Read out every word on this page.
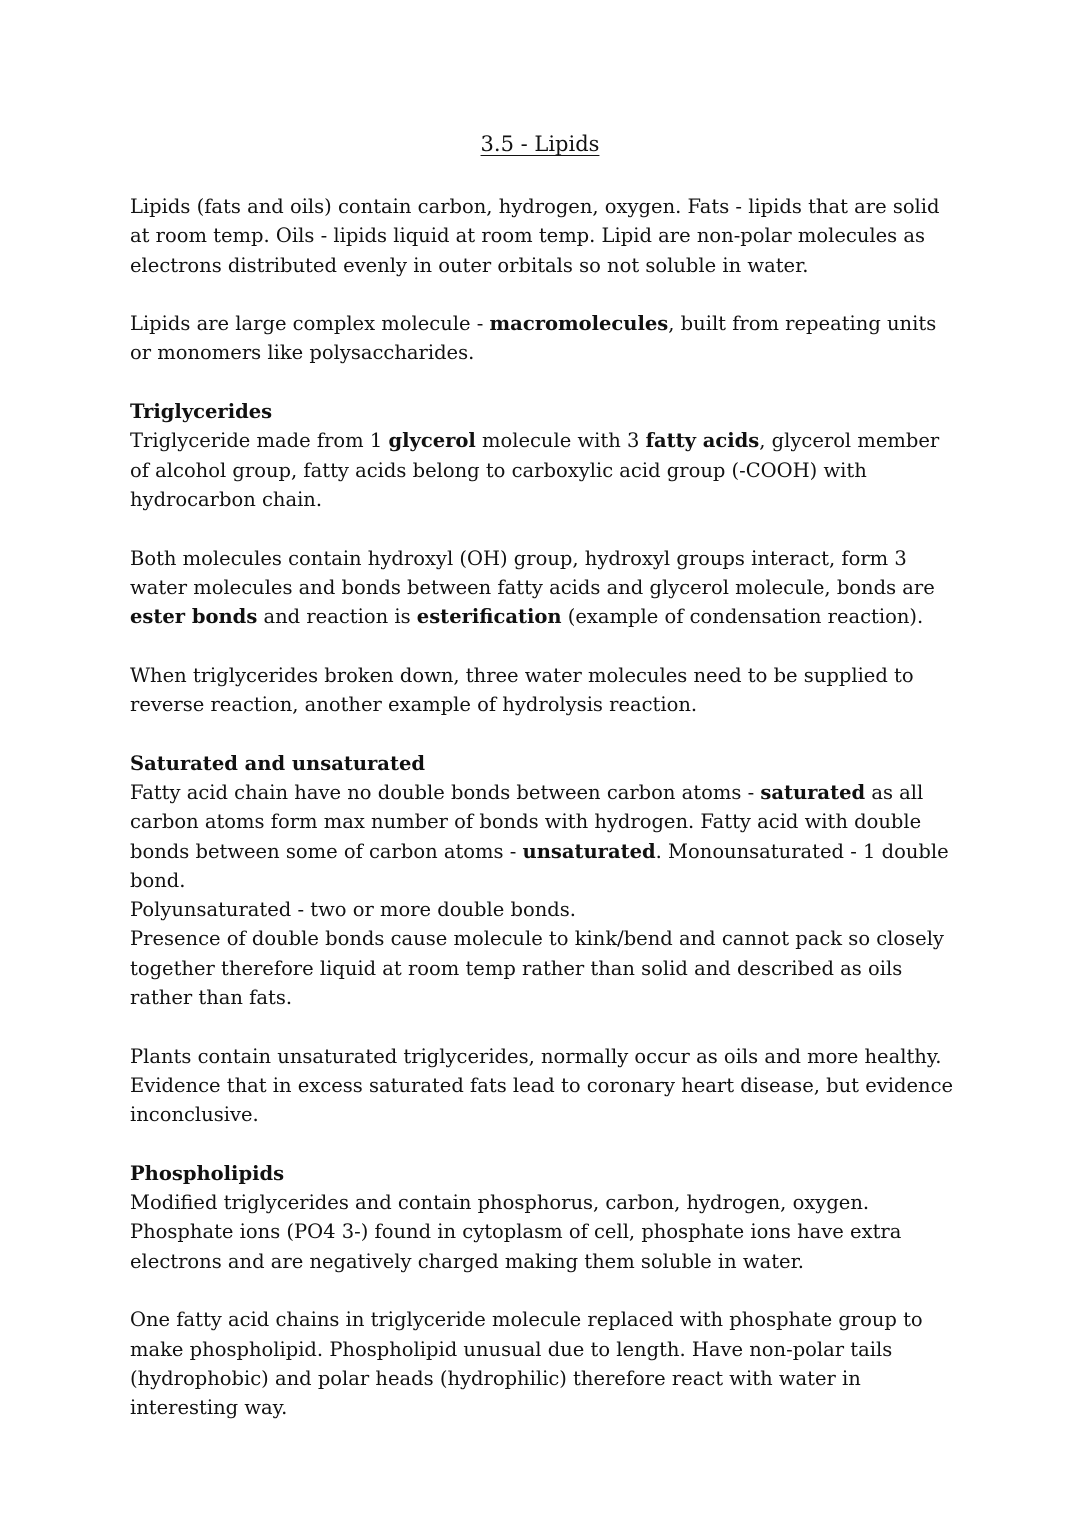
3.5 - Lipids

Lipids (fats and oils) contain carbon, hydrogen, oxygen. Fats - lipids that are solid at room temp. Oils - lipids liquid at room temp. Lipid are non-polar molecules as electrons distributed evenly in outer orbitals so not soluble in water.

Lipids are large complex molecule - macromolecules, built from repeating units or monomers like polysaccharides.

Triglycerides

Triglyceride made from 1 glycerol molecule with 3 fatty acids, glycerol member of alcohol group, fatty acids belong to carboxylic acid group (-COOH) with hydrocarbon chain.

Both molecules contain hydroxyl (OH) group, hydroxyl groups interact, form 3 water molecules and bonds between fatty acids and glycerol molecule, bonds are ester bonds and reaction is esterification (example of condensation reaction).

When triglycerides broken down, three water molecules need to be supplied to reverse reaction, another example of hydrolysis reaction.

Saturated and unsaturated

Fatty acid chain have no double bonds between carbon atoms - saturated as all carbon atoms form max number of bonds with hydrogen. Fatty acid with double bonds between some of carbon atoms - unsaturated. Monounsaturated - 1 double bond.

Polyunsaturated - two or more double bonds.

Presence of double bonds cause molecule to kink/bend and cannot pack so closely together therefore liquid at room temp rather than solid and described as oils rather than fats.

Plants contain unsaturated triglycerides, normally occur as oils and more healthy. Evidence that in excess saturated fats lead to coronary heart disease, but evidence inconclusive.

Phospholipids

Modified triglycerides and contain phosphorus, carbon, hydrogen, oxygen. Phosphate ions (PO4 3-) found in cytoplasm of cell, phosphate ions have extra electrons and are negatively charged making them soluble in water.

One fatty acid chains in triglyceride molecule replaced with phosphate group to make phospholipid. Phospholipid unusual due to length. Have non-polar tails (hydrophobic) and polar heads (hydrophilic) therefore react with water in interesting way.
